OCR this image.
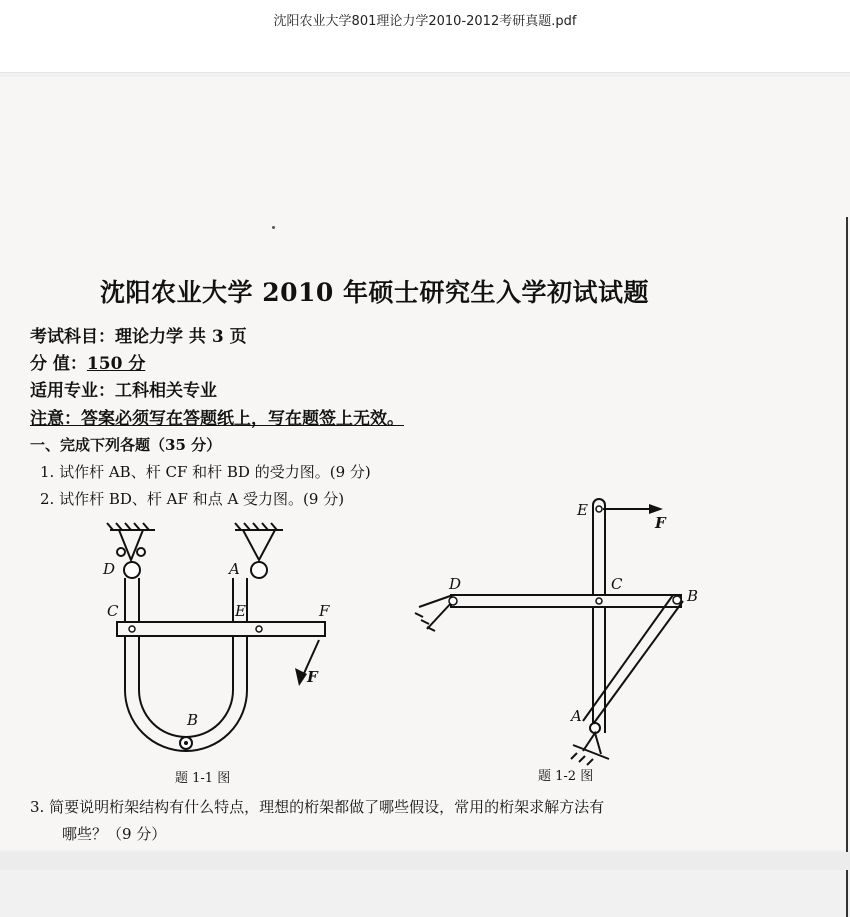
沈阳农业大学801理论力学2010-2012考研真题.pdf
沈阳农业大学 2010 年硕士研究生入学初试试题
考试科目：理论力学 共 3 页
分 值：150 分
适用专业：工科相关专业
注意：答案必须写在答题纸上，写在题签上无效。
一、完成下列各题（35 分）
1. 试作杆 AB、杆 CF 和杆 BD 的受力图。(9 分)
2. 试作杆 BD、杆 AF 和点 A 受力图。(9 分)
D	A
C	E	F
F
B
题 1-1 图
E
F
D	C
B
A
题 1-2 图
3. 简要说明桁架结构有什么特点，理想的桁架都做了哪些假设，常用的桁架求解方法有
哪些？（9 分）
